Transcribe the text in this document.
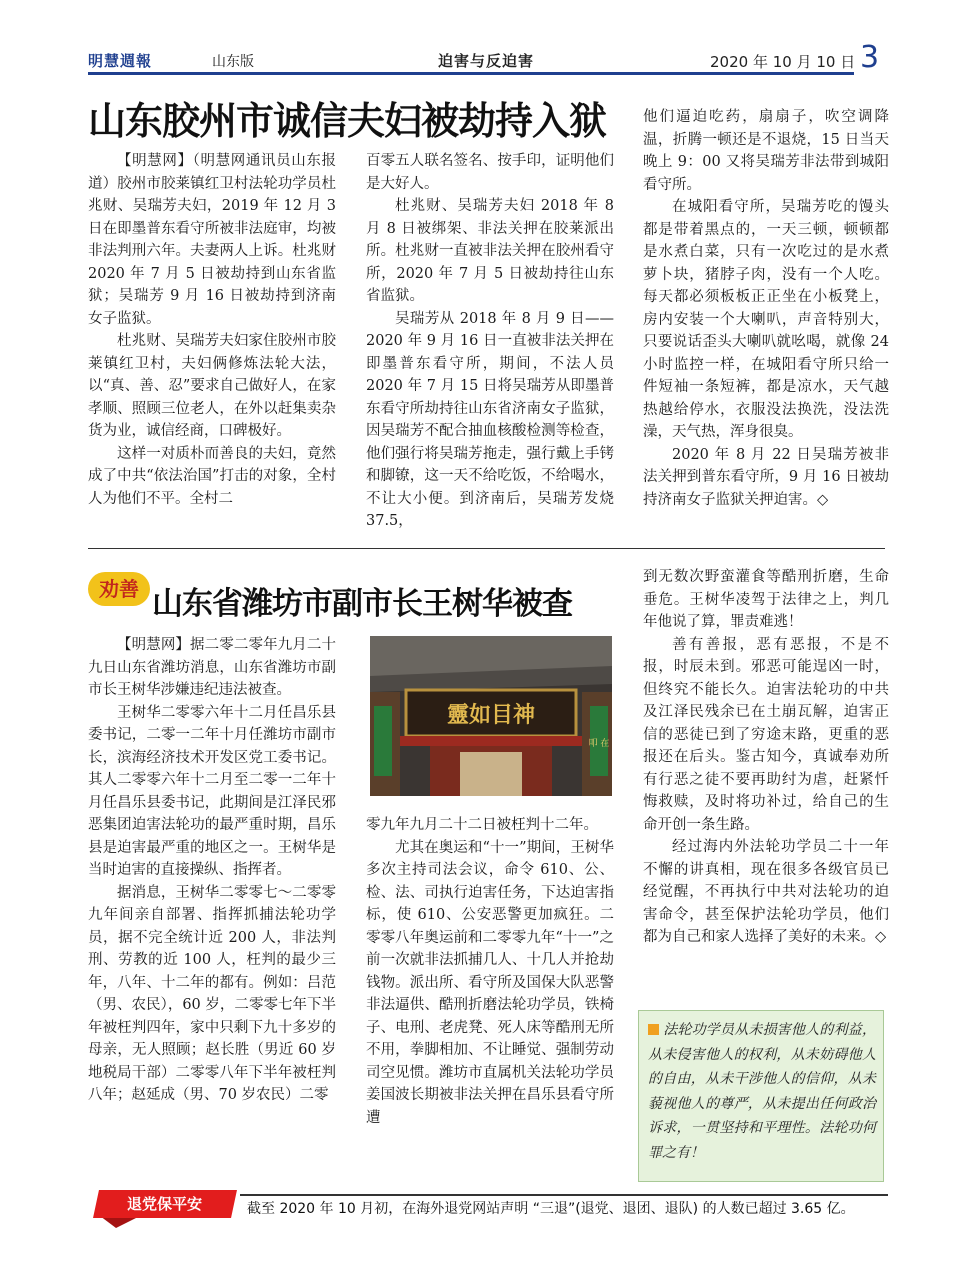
明慧週報	山东版	迫害与反迫害	2020 年 10 月 10 日 3
山东胶州市诚信夫妇被劫持入狱

【明慧网】（明慧网通讯员山东报道）胶州市胶莱镇红卫村法轮功学员杜兆财、吴瑞芳夫妇，2019 年 12 月 3 日在即墨普东看守所被非法庭审，均被非法判刑六年。夫妻两人上诉。杜兆财 2020 年 7 月 5 日被劫持到山东省监狱；吴瑞芳 9 月 16 日被劫持到济南女子监狱。

杜兆财、吴瑞芳夫妇家住胶州市胶莱镇红卫村，夫妇俩修炼法轮大法，以“真、善、忍”要求自己做好人，在家孝顺、照顾三位老人，在外以赶集卖杂货为业，诚信经商，口碑极好。

这样一对质朴而善良的夫妇，竟然成了中共“依法治国”打击的对象，全村人为他们不平。全村二

百零五人联名签名、按手印，证明他们是大好人。

杜兆财、吴瑞芳夫妇 2018 年 8 月 8 日被绑架、非法关押在胶莱派出所。杜兆财一直被非法关押在胶州看守所，2020 年 7 月 5 日被劫持往山东省监狱。

吴瑞芳从 2018 年 8 月 9 日——2020 年 9 月 16 日一直被非法关押在即墨普东看守所，期间，不法人员 2020 年 7 月 15 日将吴瑞芳从即墨普东看守所劫持往山东省济南女子监狱，因吴瑞芳不配合抽血核酸检测等检查，他们强行将吴瑞芳拖走，强行戴上手铐和脚镣，这一天不给吃饭，不给喝水，不让大小便。到济南后，吴瑞芳发烧 37.5，

他们逼迫吃药，扇扇子，吹空调降温，折腾一顿还是不退烧，15 日当天晚上 9：00 又将吴瑞芳非法带到城阳看守所。

在城阳看守所，吴瑞芳吃的馒头都是带着黑点的，一天三顿，顿顿都是水煮白菜，只有一次吃过的是水煮萝卜块，猪脖子肉，没有一个人吃。每天都必须板板正正坐在小板凳上，房内安装一个大喇叭，声音特别大，只要说话歪头大喇叭就吆喝，就像 24 小时监控一样，在城阳看守所只给一件短袖一条短裤，都是凉水，天气越热越给停水，衣服没法换洗，没法洗澡，天气热，浑身很臭。

2020 年 8 月 22 日吴瑞芳被非法关押到普东看守所，9 月 16 日被劫持济南女子监狱关押迫害。◇

劝善 山东省潍坊市副市长王树华被查

【明慧网】据二零二零年九月二十九日山东省潍坊消息，山东省潍坊市副市长王树华涉嫌违纪违法被查。

王树华二零零六年十二月任昌乐县委书记，二零一二年十月任潍坊市副市长，滨海经济技术开发区党工委书记。其人二零零六年十二月至二零一二年十月任昌乐县委书记，此期间是江泽民邪恶集团迫害法轮功的最严重时期，昌乐县是迫害最严重的地区之一。王树华是当时迫害的直接操纵、指挥者。

据消息，王树华二零零七～二零零九年间亲自部署、指挥抓捕法轮功学员，据不完全统计近 200 人，非法判刑、劳教的近 100 人，枉判的最少三年，八年、十二年的都有。例如：吕范（男、农民），60 岁，二零零七年下半年被枉判四年，家中只剩下九十多岁的母亲，无人照顾；赵长胜（男近 60 岁地税局干部）二零零八年下半年被枉判八年；赵延成（男、70 岁农民）二零

靈如目神
叩 在

零九年九月二十二日被枉判十二年。

尤其在奥运和“十一”期间，王树华多次主持司法会议，命令 610、公、检、法、司执行迫害任务，下达迫害指标，使 610、公安恶警更加疯狂。二零零八年奥运前和二零零九年“十一”之前一次就非法抓捕几人、十几人并抢劫钱物。派出所、看守所及国保大队恶警非法逼供、酷刑折磨法轮功学员，铁椅子、电刑、老虎凳、死人床等酷刑无所不用，拳脚相加、不让睡觉、强制劳动司空见惯。潍坊市直属机关法轮功学员姜国波长期被非法关押在昌乐县看守所遭

到无数次野蛮灌食等酷刑折磨，生命垂危。王树华凌驾于法律之上，判几年他说了算，罪责难逃！

善有善报，恶有恶报，不是不报，时辰未到。邪恶可能逞凶一时，但终究不能长久。迫害法轮功的中共及江泽民残余已在土崩瓦解，迫害正信的恶徒已到了穷途末路，更重的恶报还在后头。鉴古知今，真诚奉劝所有行恶之徒不要再助纣为虐，赶紧忏悔救赎，及时将功补过，给自己的生命开创一条生路。

经过海内外法轮功学员二十一年不懈的讲真相，现在很多各级官员已经觉醒，不再执行中共对法轮功的迫害命令，甚至保护法轮功学员，他们都为自己和家人选择了美好的未来。◇

法轮功学员从未损害他人的利益，从未侵害他人的权利，从未妨碍他人的自由，从未干涉他人的信仰，从未藐视他人的尊严，从未提出任何政治诉求，一贯坚持和平理性。法轮功何罪之有！
退党保平安	截至 2020 年 10 月初，在海外退党网站声明 “三退”(退党、退团、退队) 的人数已超过 3.65 亿。
